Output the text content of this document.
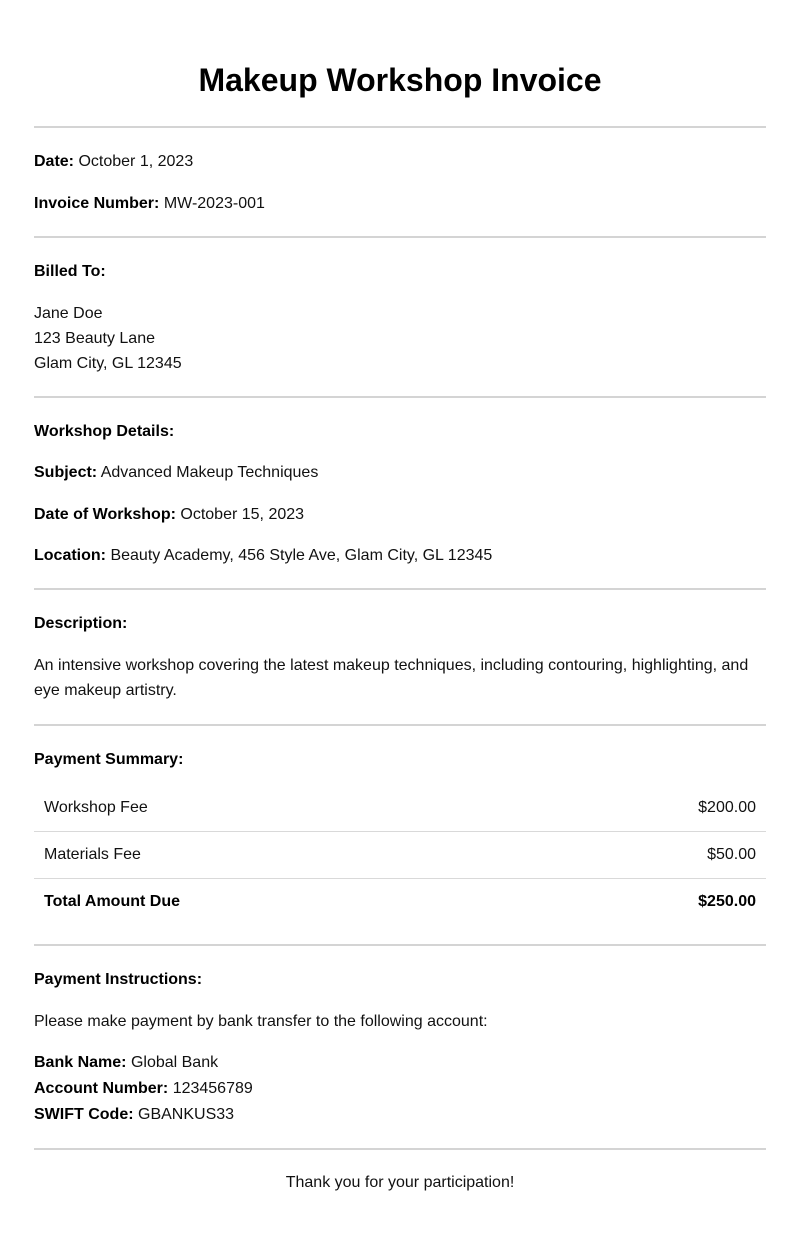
Makeup Workshop Invoice

Date: October 1, 2023

Invoice Number: MW-2023-001

Billed To:

Jane Doe

123 Beauty Lane

Glam City, GL 12345

Workshop Details:

Subject: Advanced Makeup Techniques

Date of Workshop: October 15, 2023

Location: Beauty Academy, 456 Style Ave, Glam City, GL 12345

Description:

An intensive workshop covering the latest makeup techniques, including contouring, highlighting, and eye makeup artistry.

Payment Summary:

Workshop Fee	$200.00
Materials Fee	$50.00
Total Amount Due	$250.00

Payment Instructions:

Please make payment by bank transfer to the following account:

Bank Name: Global Bank

Account Number: 123456789

SWIFT Code: GBANKUS33

Thank you for your participation!
